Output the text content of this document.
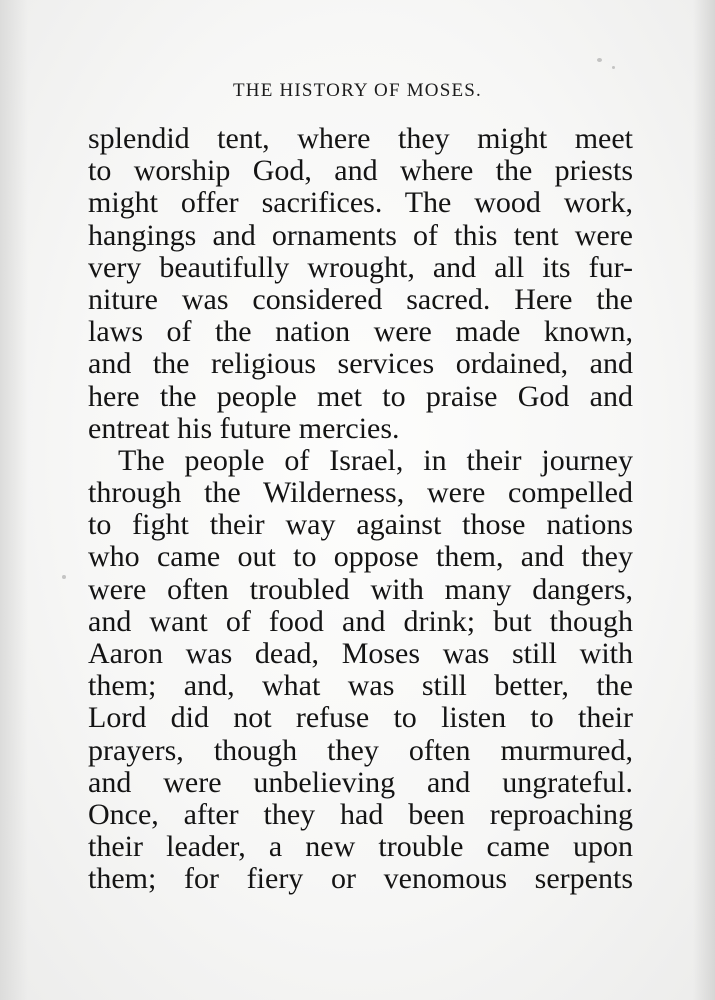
THE HISTORY OF MOSES.
splendid tent, where they might meet
to worship God, and where the priests
might offer sacrifices. The wood work,
hangings and ornaments of this tent were
very beautifully wrought, and all its fur-
niture was considered sacred. Here the
laws of the nation were made known,
and the religious services ordained, and
here the people met to praise God and
entreat his future mercies.
The people of Israel, in their journey
through the Wilderness, were compelled
to fight their way against those nations
who came out to oppose them, and they
were often troubled with many dangers,
and want of food and drink; but though
Aaron was dead, Moses was still with
them; and, what was still better, the
Lord did not refuse to listen to their
prayers, though they often murmured,
and were unbelieving and ungrateful.
Once, after they had been reproaching
their leader, a new trouble came upon
them; for fiery or venomous serpents
